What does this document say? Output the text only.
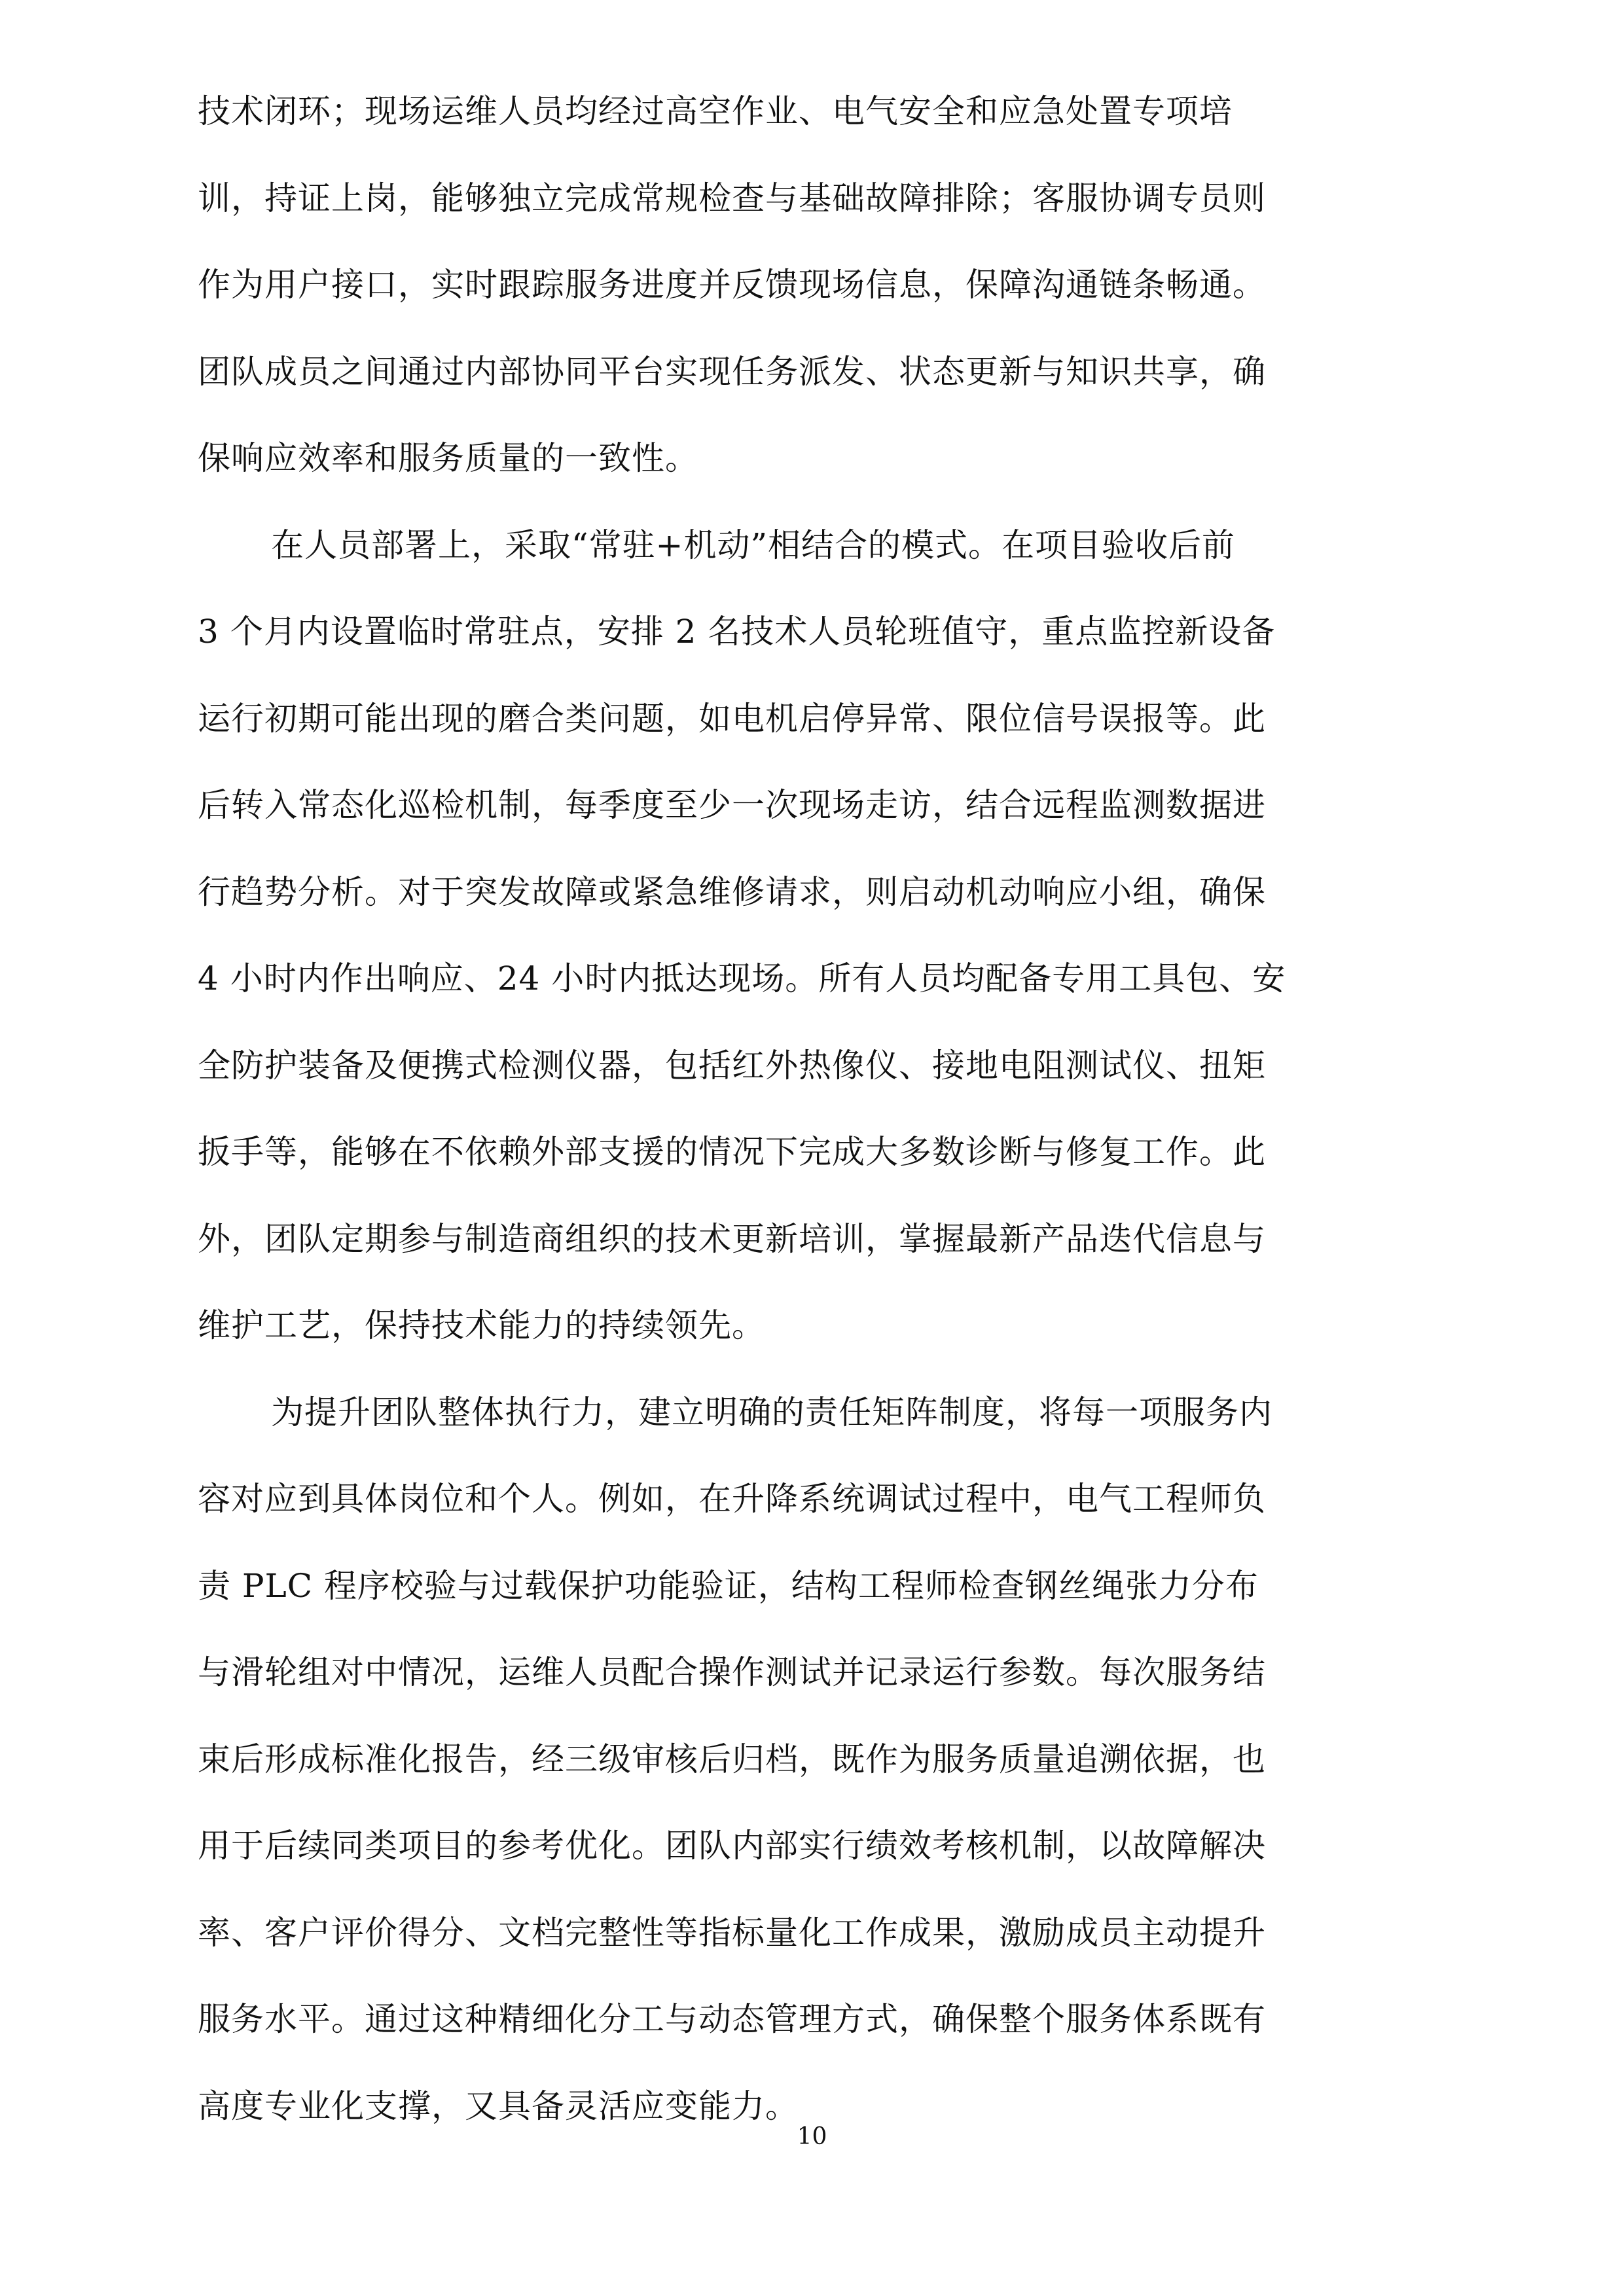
技术闭环；现场运维人员均经过高空作业、电气安全和应急处置专项培

训，持证上岗，能够独立完成常规检查与基础故障排除；客服协调专员则

作为用户接口，实时跟踪服务进度并反馈现场信息，保障沟通链条畅通。

团队成员之间通过内部协同平台实现任务派发、状态更新与知识共享，确

保响应效率和服务质量的一致性。

在人员部署上，采取“常驻+机动”相结合的模式。在项目验收后前

3 个月内设置临时常驻点，安排 2 名技术人员轮班值守，重点监控新设备

运行初期可能出现的磨合类问题，如电机启停异常、限位信号误报等。此

后转入常态化巡检机制，每季度至少一次现场走访，结合远程监测数据进

行趋势分析。对于突发故障或紧急维修请求，则启动机动响应小组，确保

4 小时内作出响应、24 小时内抵达现场。所有人员均配备专用工具包、安

全防护装备及便携式检测仪器，包括红外热像仪、接地电阻测试仪、扭矩

扳手等，能够在不依赖外部支援的情况下完成大多数诊断与修复工作。此

外，团队定期参与制造商组织的技术更新培训，掌握最新产品迭代信息与

维护工艺，保持技术能力的持续领先。

为提升团队整体执行力，建立明确的责任矩阵制度，将每一项服务内

容对应到具体岗位和个人。例如，在升降系统调试过程中，电气工程师负

责 PLC 程序校验与过载保护功能验证，结构工程师检查钢丝绳张力分布

与滑轮组对中情况，运维人员配合操作测试并记录运行参数。每次服务结

束后形成标准化报告，经三级审核后归档，既作为服务质量追溯依据，也

用于后续同类项目的参考优化。团队内部实行绩效考核机制，以故障解决

率、客户评价得分、文档完整性等指标量化工作成果，激励成员主动提升

服务水平。通过这种精细化分工与动态管理方式，确保整个服务体系既有

高度专业化支撑，又具备灵活应变能力。

10
